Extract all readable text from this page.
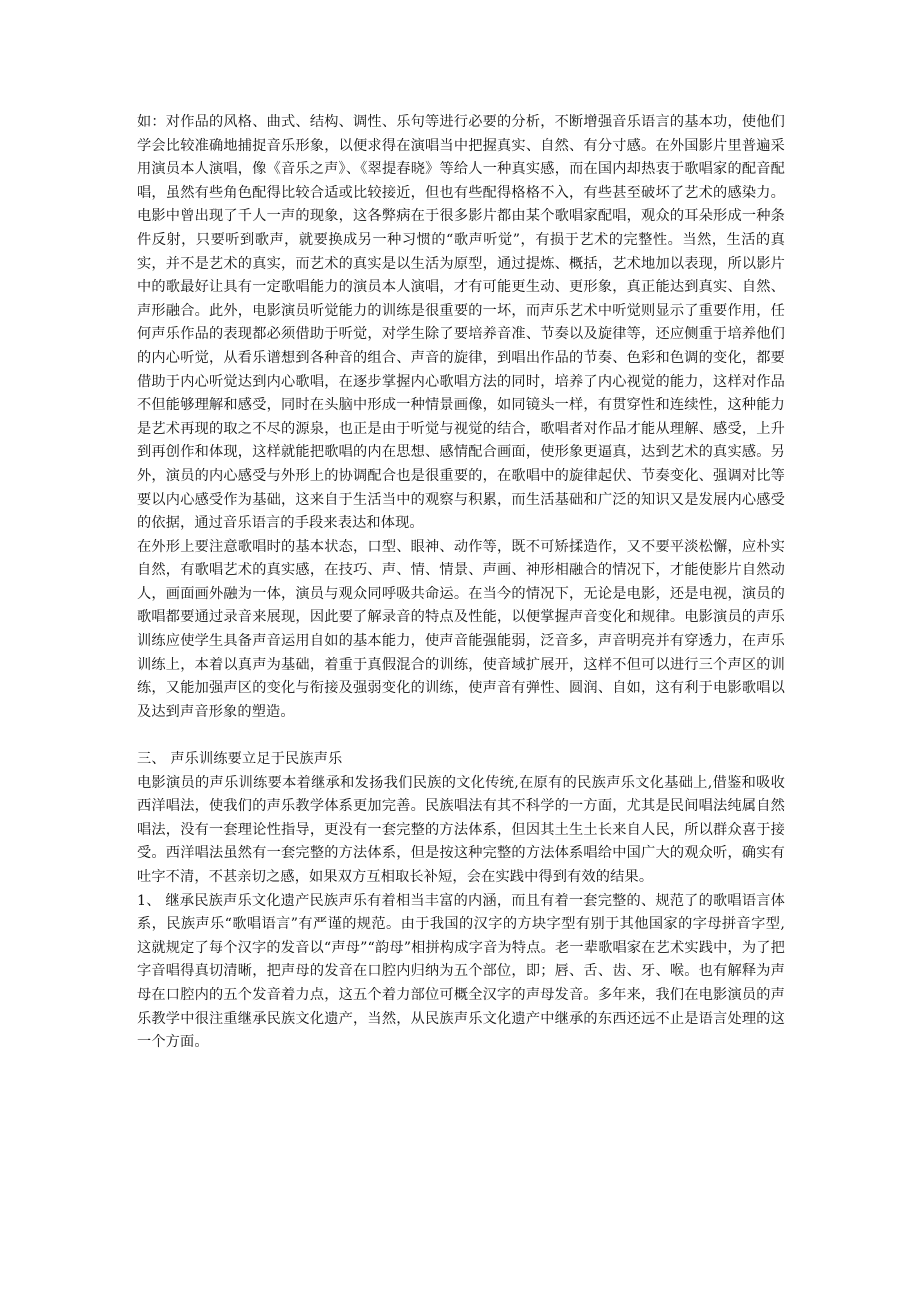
如：对作品的风格、曲式、结构、调性、乐句等进行必要的分析，不断增强音乐语言的基本功，使他们学会比较准确地捕捉音乐形象，以便求得在演唱当中把握真实、自然、有分寸感。在外国影片里普遍采用演员本人演唱，像《音乐之声》、《翠提春晓》等给人一种真实感，而在国内却热衷于歌唱家的配音配唱，虽然有些角色配得比较合适或比较接近，但也有些配得格格不入，有些甚至破坏了艺术的感染力。电影中曾出现了千人一声的现象，这各弊病在于很多影片都由某个歌唱家配唱，观众的耳朵形成一种条件反射，只要听到歌声，就要换成另一种习惯的“歌声听觉”，有损于艺术的完整性。当然，生活的真实，并不是艺术的真实，而艺术的真实是以生活为原型，通过提炼、概括，艺术地加以表现，所以影片中的歌最好让具有一定歌唱能力的演员本人演唱，才有可能更生动、更形象，真正能达到真实、自然、声形融合。此外，电影演员听觉能力的训练是很重要的一坏，而声乐艺术中听觉则显示了重要作用，任何声乐作品的表现都必须借助于听觉，对学生除了要培养音准、节奏以及旋律等，还应侧重于培养他们的内心听觉，从看乐谱想到各种音的组合、声音的旋律，到唱出作品的节奏、色彩和色调的变化，都要借助于内心听觉达到内心歌唱，在逐步掌握内心歌唱方法的同时，培养了内心视觉的能力，这样对作品不但能够理解和感受，同时在头脑中形成一种情景画像，如同镜头一样，有贯穿性和连续性，这种能力是艺术再现的取之不尽的源泉，也正是由于听觉与视觉的结合，歌唱者对作品才能从理解、感受，上升到再创作和体现，这样就能把歌唱的内在思想、感情配合画面，使形象更逼真，达到艺术的真实感。另外，演员的内心感受与外形上的协调配合也是很重要的，在歌唱中的旋律起伏、节奏变化、强调对比等要以内心感受作为基础，这来自于生活当中的观察与积累，而生活基础和广泛的知识又是发展内心感受的依据，通过音乐语言的手段来表达和体现。

在外形上要注意歌唱时的基本状态，口型、眼神、动作等，既不可矫揉造作，又不要平淡松懈，应朴实自然，有歌唱艺术的真实感，在技巧、声、情、情景、声画、神形相融合的情况下，才能使影片自然动人，画面画外融为一体，演员与观众同呼吸共命运。在当今的情况下，无论是电影，还是电视，演员的歌唱都要通过录音来展现，因此要了解录音的特点及性能，以便掌握声音变化和规律。电影演员的声乐训练应使学生具备声音运用自如的基本能力，使声音能强能弱，泛音多，声音明亮并有穿透力，在声乐训练上，本着以真声为基础，着重于真假混合的训练，使音域扩展开，这样不但可以进行三个声区的训练，又能加强声区的变化与衔接及强弱变化的训练，使声音有弹性、圆润、自如，这有利于电影歌唱以及达到声音形象的塑造。

三、 声乐训练要立足于民族声乐

电影演员的声乐训练要本着继承和发扬我们民族的文化传统,在原有的民族声乐文化基础上,借鉴和吸收西洋唱法，使我们的声乐教学体系更加完善。民族唱法有其不科学的一方面，尤其是民间唱法纯属自然唱法，没有一套理论性指导，更没有一套完整的方法体系，但因其土生土长来自人民，所以群众喜于接受。西洋唱法虽然有一套完整的方法体系，但是按这种完整的方法体系唱给中国广大的观众听，确实有吐字不清，不甚亲切之感，如果双方互相取长补短，会在实践中得到有效的结果。

1、 继承民族声乐文化遗产民族声乐有着相当丰富的内涵，而且有着一套完整的、规范了的歌唱语言体系，民族声乐“歌唱语言”有严谨的规范。由于我国的汉字的方块字型有别于其他国家的字母拼音字型,这就规定了每个汉字的发音以“声母”“韵母”相拼构成字音为特点。老一辈歌唱家在艺术实践中，为了把字音唱得真切清晰，把声母的发音在口腔内归纳为五个部位，即；唇、舌、齿、牙、喉。也有解释为声母在口腔内的五个发音着力点，这五个着力部位可概全汉字的声母发音。多年来，我们在电影演员的声乐教学中很注重继承民族文化遗产，当然，从民族声乐文化遗产中继承的东西还远不止是语言处理的这一个方面。
